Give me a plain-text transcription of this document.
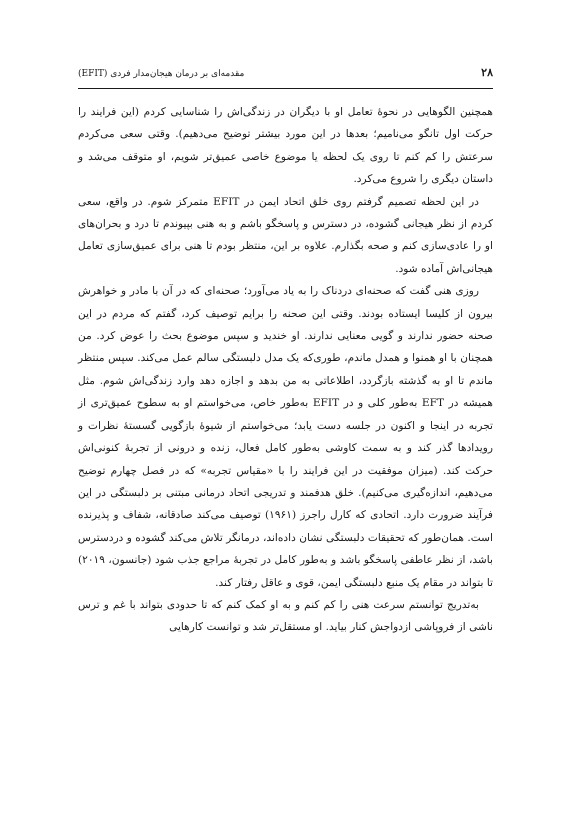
۲۸
مقدمه‌ای بر درمان هیجان‌مدار فردی (EFIT)

همچنین الگوهایی در نحوۀ تعامل او با دیگران در زندگی‌اش را شناسایی کردم (این فرایند را حرکت اول تانگو می‌نامیم؛ بعدها در این مورد بیشتر توضیح می‌دهیم). وقتی سعی می‌کردم سرعتش را کم کنم تا روی یک لحظه یا موضوع خاصی عمیق‌تر شویم، او متوقف می‌شد و داستان دیگری را شروع می‌کرد.

در این لحظه تصمیم گرفتم روی خلق اتحاد ایمن در EFIT متمرکز شوم. در واقع، سعی کردم از نظر هیجانی گشوده، در دسترس و پاسخگو باشم و به هنی بپیوندم تا درد و بحران‌های او را عادی‌سازی کنم و صحه بگذارم. علاوه بر این، منتظر بودم تا هنی برای عمیق‌سازی تعامل هیجانی‌اش آماده شود.

روزی هنی گفت که صحنه‌ای دردناک را به یاد می‌آورد؛ صحنه‌ای که در آن با مادر و خواهرش بیرون از کلیسا ایستاده بودند. وقتی این صحنه را برایم توصیف کرد، گفتم که مردم در این صحنه حضور ندارند و گویی معنایی ندارند. او خندید و سپس موضوع بحث را عوض کرد. من همچنان با او همنوا و همدل ماندم، طوری‌که یک مدل دلبستگی سالم عمل می‌کند. سپس منتظر ماندم تا او به گذشته بازگردد، اطلاعاتی به من بدهد و اجازه دهد وارد زندگی‌اش شوم. مثل همیشه در EFT به‌طور کلی و در EFIT به‌طور خاص، می‌خواستم او به سطوح عمیق‌تری از تجربه در اینجا و اکنون در جلسه دست یابد؛ می‌خواستم از شیوۀ بازگویی گسستۀ نظرات و رویدادها گذر کند و به سمت کاوشی به‌طور کامل فعال، زنده و درونی از تجربۀ کنونی‌اش حرکت کند. (میزان موفقیت در این فرایند را با «مقیاس تجربه» که در فصل چهارم توضیح می‌دهیم، اندازه‌گیری می‌کنیم). خلق هدفمند و تدریجی اتحاد درمانی مبتنی بر دلبستگی در این فرآیند ضرورت دارد. اتحادی که کارل راجرز (۱۹۶۱) توصیف می‌کند صادقانه، شفاف و پذیرنده است. همان‌طور که تحقیقات دلبستگی نشان داده‌اند، درمانگر تلاش می‌کند گشوده و دردسترس باشد، از نظر عاطفی پاسخگو باشد و به‌طور کامل در تجربۀ مراجع جذب شود (جانسون، ۲۰۱۹) تا بتواند در مقام یک منبع دلبستگی ایمن، قوی و عاقل رفتار کند.

به‌تدریج توانستم سرعت هنی را کم کنم و به او کمک کنم که تا حدودی بتواند با غم و ترس ناشی از فروپاشی ازدواجش کنار بیاید. او مستقل‌تر شد و توانست کارهایی
